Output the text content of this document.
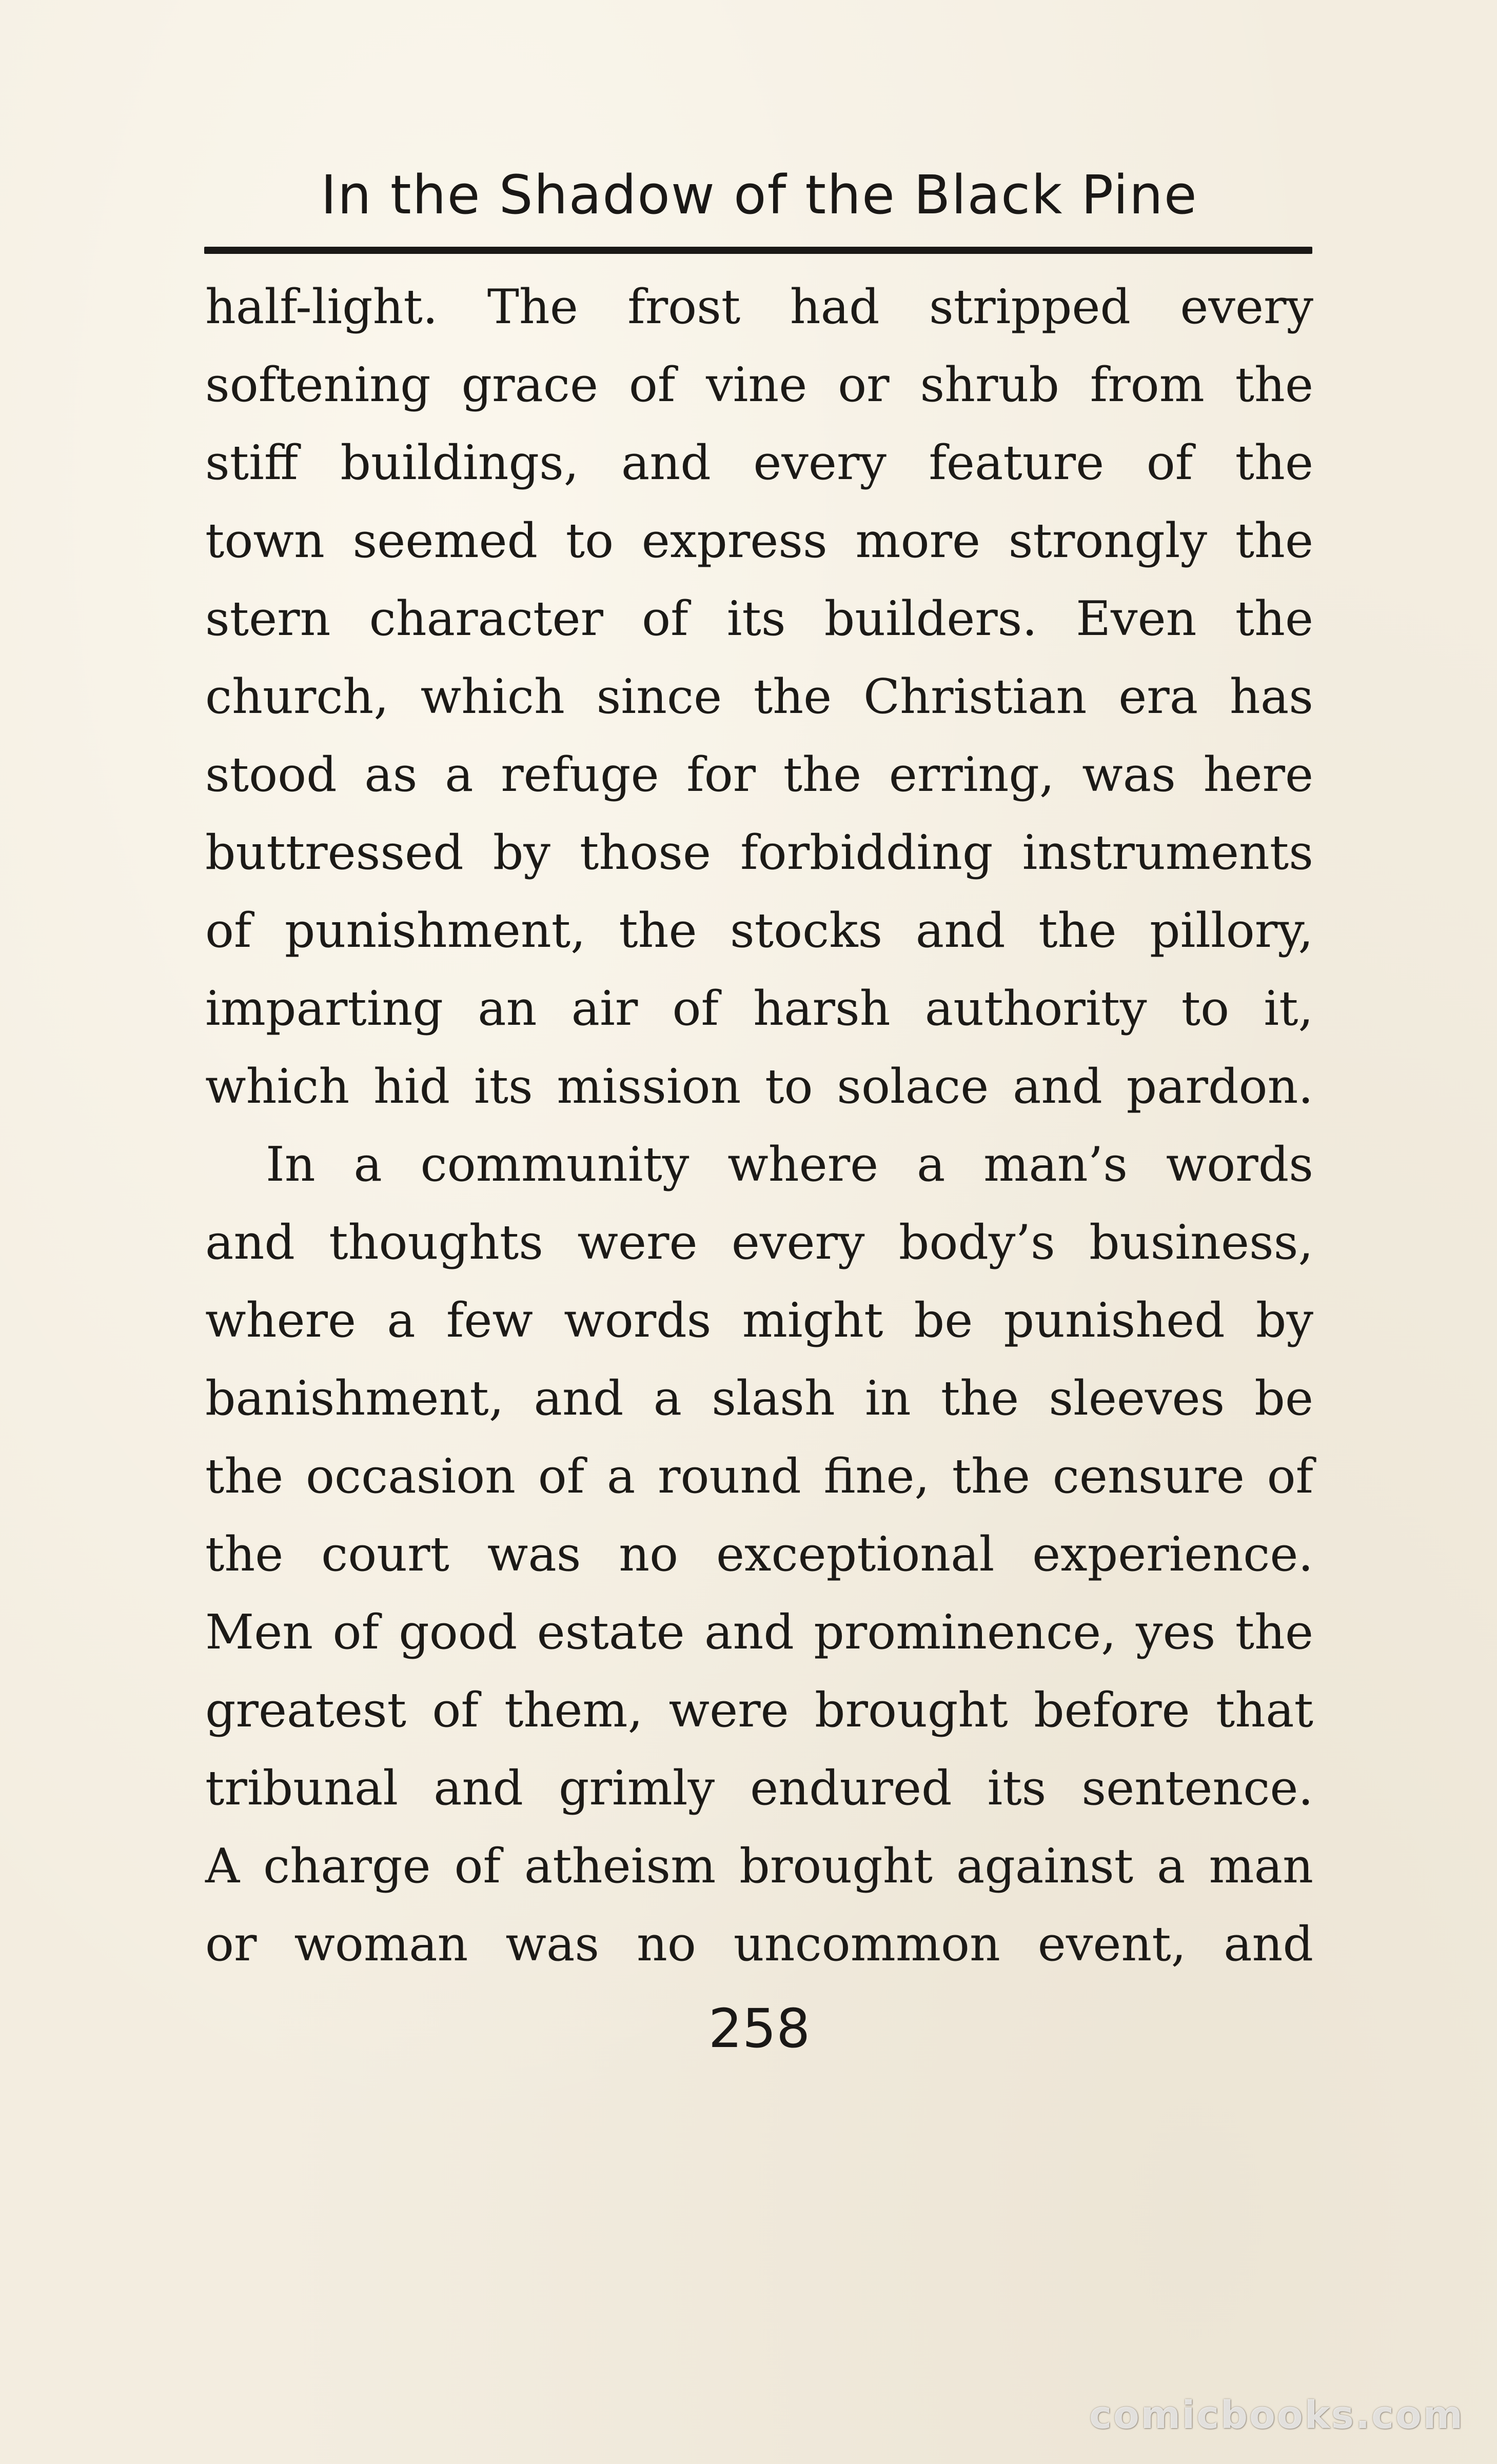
In the Shadow of the Black Pine
half-light. The frost had stripped every
softening grace of vine or shrub from the
stiff buildings, and every feature of the
town seemed to express more strongly the
stern character of its builders. Even the
church, which since the Christian era has
stood as a refuge for the erring, was here
buttressed by those forbidding instruments
of punishment, the stocks and the pillory,
imparting an air of harsh authority to it,
which hid its mission to solace and pardon.
In a community where a man’s words
and thoughts were every body’s business,
where a few words might be punished by
banishment, and a slash in the sleeves be
the occasion of a round fine, the censure of
the court was no exceptional experience.
Men of good estate and prominence, yes the
greatest of them, were brought before that
tribunal and grimly endured its sentence.
A charge of atheism brought against a man
or woman was no uncommon event, and
258
comicbooks.com
